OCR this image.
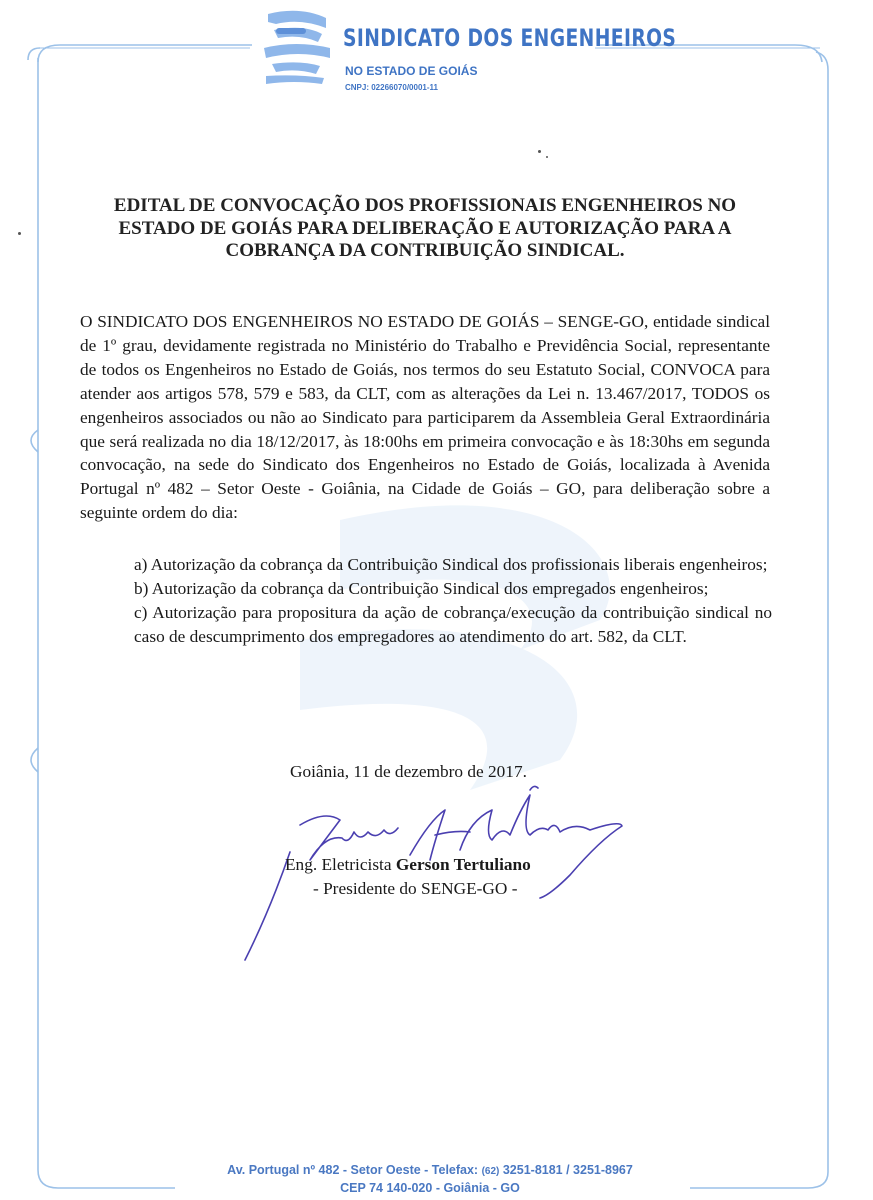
SINDICATO DOS ENGENHEIROS
NO ESTADO DE GOIÁS
CNPJ: 02266070/0001-11
EDITAL DE CONVOCAÇÃO DOS PROFISSIONAIS ENGENHEIROS NO
ESTADO DE GOIÁS PARA DELIBERAÇÃO E AUTORIZAÇÃO PARA A
COBRANÇA DA CONTRIBUIÇÃO SINDICAL.

O SINDICATO DOS ENGENHEIROS NO ESTADO DE GOIÁS – SENGE-GO, entidade sindical de 1º grau, devidamente registrada no Ministério do Trabalho e Previdência Social, representante de todos os Engenheiros no Estado de Goiás, nos termos do seu Estatuto Social, CONVOCA para atender aos artigos 578, 579 e 583, da CLT, com as alterações da Lei n. 13.467/2017, TODOS os engenheiros associados ou não ao Sindicato para participarem da Assembleia Geral Extraordinária que será realizada no dia 18/12/2017, às 18:00hs em primeira convocação e às 18:30hs em segunda convocação, na sede do Sindicato dos Engenheiros no Estado de Goiás, localizada à Avenida Portugal nº 482 – Setor Oeste - Goiânia, na Cidade de Goiás – GO, para deliberação sobre a seguinte ordem do dia:

a) Autorização da cobrança da Contribuição Sindical dos profissionais liberais engenheiros;

b) Autorização da cobrança da Contribuição Sindical dos empregados engenheiros;

c) Autorização para propositura da ação de cobrança/execução da contribuição sindical no caso de descumprimento dos empregadores ao atendimento do art. 582, da CLT.

Goiânia, 11 de dezembro de 2017.
Eng. Eletricista Gerson Tertuliano
- Presidente do SENGE-GO -
Av. Portugal nº 482 - Setor Oeste - Telefax: (62) 3251-8181 / 3251-8967
CEP 74 140-020 - Goiânia - GO
